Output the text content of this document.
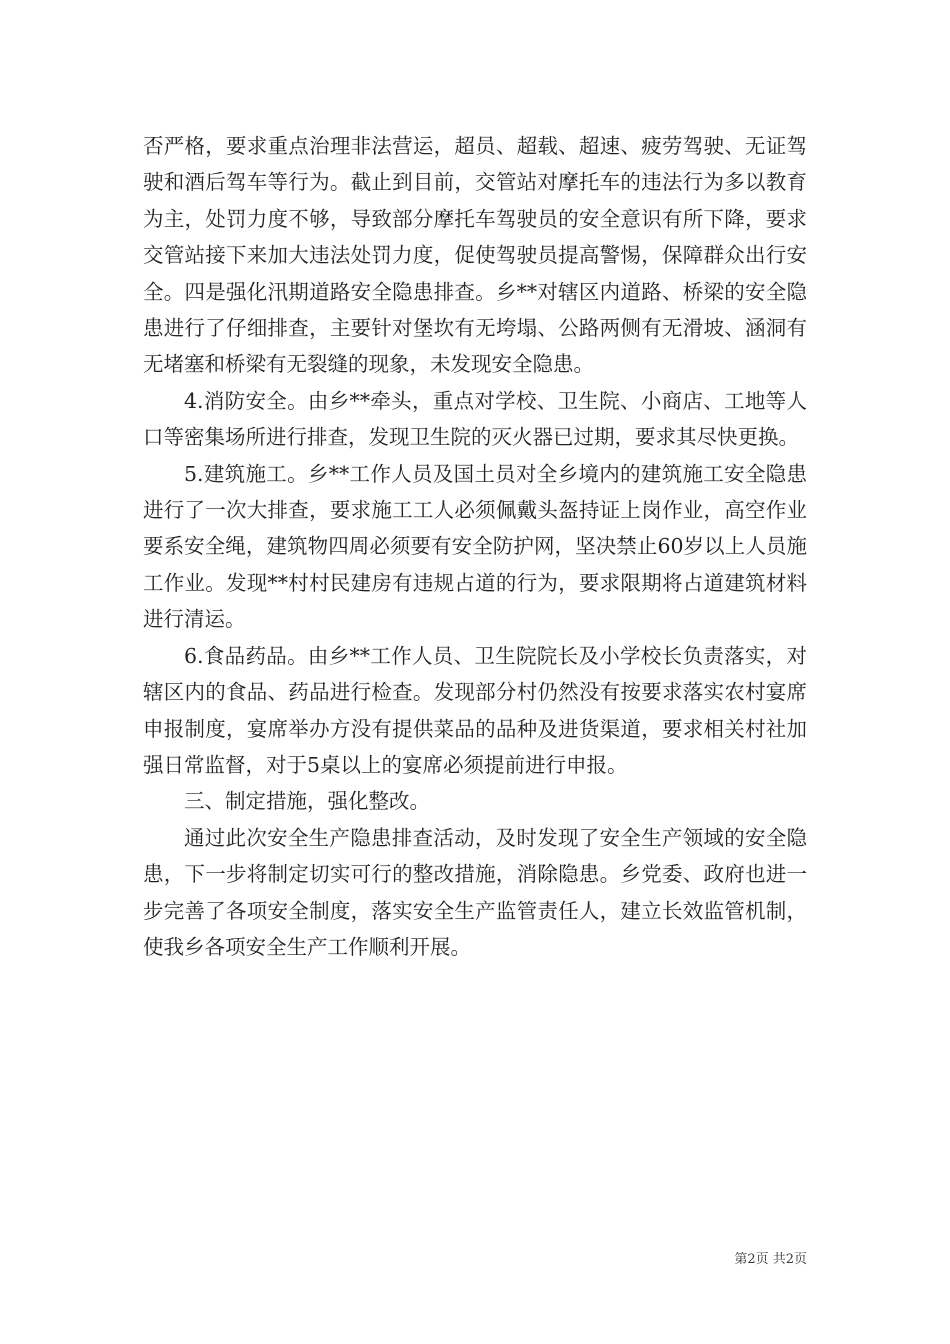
否严格，要求重点治理非法营运，超员、超载、超速、疲劳驾驶、无证驾驶和酒后驾车等行为。截止到目前，交管站对摩托车的违法行为多以教育为主，处罚力度不够，导致部分摩托车驾驶员的安全意识有所下降，要求交管站接下来加大违法处罚力度，促使驾驶员提高警惕，保障群众出行安全。四是强化汛期道路安全隐患排查。乡**对辖区内道路、桥梁的安全隐患进行了仔细排查，主要针对堡坎有无垮塌、公路两侧有无滑坡、涵洞有无堵塞和桥梁有无裂缝的现象，未发现安全隐患。

4.消防安全。由乡**牵头，重点对学校、卫生院、小商店、工地等人口等密集场所进行排查，发现卫生院的灭火器已过期，要求其尽快更换。

5.建筑施工。乡**工作人员及国土员对全乡境内的建筑施工安全隐患进行了一次大排查，要求施工工人必须佩戴头盔持证上岗作业，高空作业要系安全绳，建筑物四周必须要有安全防护网，坚决禁止60岁以上人员施工作业。发现**村村民建房有违规占道的行为，要求限期将占道建筑材料进行清运。

6.食品药品。由乡**工作人员、卫生院院长及小学校长负责落实，对辖区内的食品、药品进行检查。发现部分村仍然没有按要求落实农村宴席申报制度，宴席举办方没有提供菜品的品种及进货渠道，要求相关村社加强日常监督，对于5桌以上的宴席必须提前进行申报。

三、制定措施，强化整改。

通过此次安全生产隐患排查活动，及时发现了安全生产领域的安全隐患，下一步将制定切实可行的整改措施，消除隐患。乡党委、政府也进一步完善了各项安全制度，落实安全生产监管责任人，建立长效监管机制，使我乡各项安全生产工作顺利开展。

第2页 共2页
